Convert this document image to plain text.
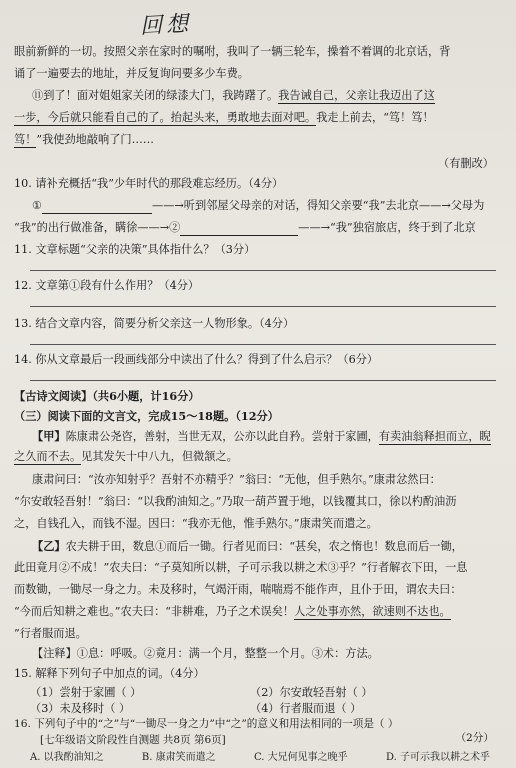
回想
眼前新鲜的一切。按照父亲在家时的嘱咐，我叫了一辆三轮车，操着不着调的北京话，背
诵了一遍要去的地址，并反复询问要多少车费。
⑪到了！面对姐姐家关闭的绿漆大门，我踌躇了。我告诫自己，父亲让我迈出了这
一步，今后就只能看自己的了。抬起头来，勇敢地去面对吧。我走上前去，“笃！笃！
笃！”我使劲地敲响了门……
（有删改）
10. 请补充概括“我”少年时代的那段难忘经历。（4分）
①	——→听到邻屋父母亲的对话，得知父亲要“我”去北京——→父母为
“我”的出行做准备，瞒徐——→②	——→“我”独宿旅店，终于到了北京
11. 文章标题“父亲的决策”具体指什么？（3分）
12. 文章第①段有什么作用？（4分）
13. 结合文章内容，简要分析父亲这一人物形象。（4分）
14. 你从文章最后一段画线部分中读出了什么？得到了什么启示？（6分）
【古诗文阅读】（共6小题，计16分）
（三）阅读下面的文言文，完成15～18题。（12分）
【甲】陈康肃公尧咨，善射，当世无双，公亦以此自矜。尝射于家圃，有卖油翁释担而立，睨
之久而不去。见其发矢十中八九，但微颔之。
康肃问曰：“汝亦知射乎？吾射不亦精乎？”翁曰：“无他，但手熟尔。”康肃忿然曰：
“尔安敢轻吾射！”翁曰：“以我酌油知之。”乃取一葫芦置于地，以钱覆其口，徐以杓酌油沥
之，自钱孔入，而钱不湿。因曰：“我亦无他，惟手熟尔。”康肃笑而遣之。
【乙】农夫耕于田，数息①而后一锄。行者见而曰：“甚矣，农之惰也！数息而后一锄，
此田竟月②不成！”农夫曰：“子莫知所以耕，子可示我以耕之术③乎？”行者解衣下田，一息
而数锄，一锄尽一身之力。未及移时，气竭汗雨，喘喘焉不能作声，且仆于田，谓农夫曰：
“今而后知耕之难也。”农夫曰：“非耕难，乃子之术误矣！人之处事亦然，欲速则不达也。
”行者服而退。
【注释】①息：呼吸。②竟月：满一个月，整整一个月。③术：方法。
15. 解释下列句子中加点的词。（4分）
（1）尝射于家圃（ ）	（2）尔安敢轻吾射（ ）
（3）未及移时（ ）	（4）行者服而退（ ）
16. 下列句子中的“之”与“一锄尽一身之力”中“之”的意义和用法相同的一项是（ ）
（2分）
[七年级语文阶段性自测题 共8页 第6页]
A. 以我酌油知之	B. 康肃笑而遣之	C. 大兄何见事之晚乎	D. 子可示我以耕之术乎
